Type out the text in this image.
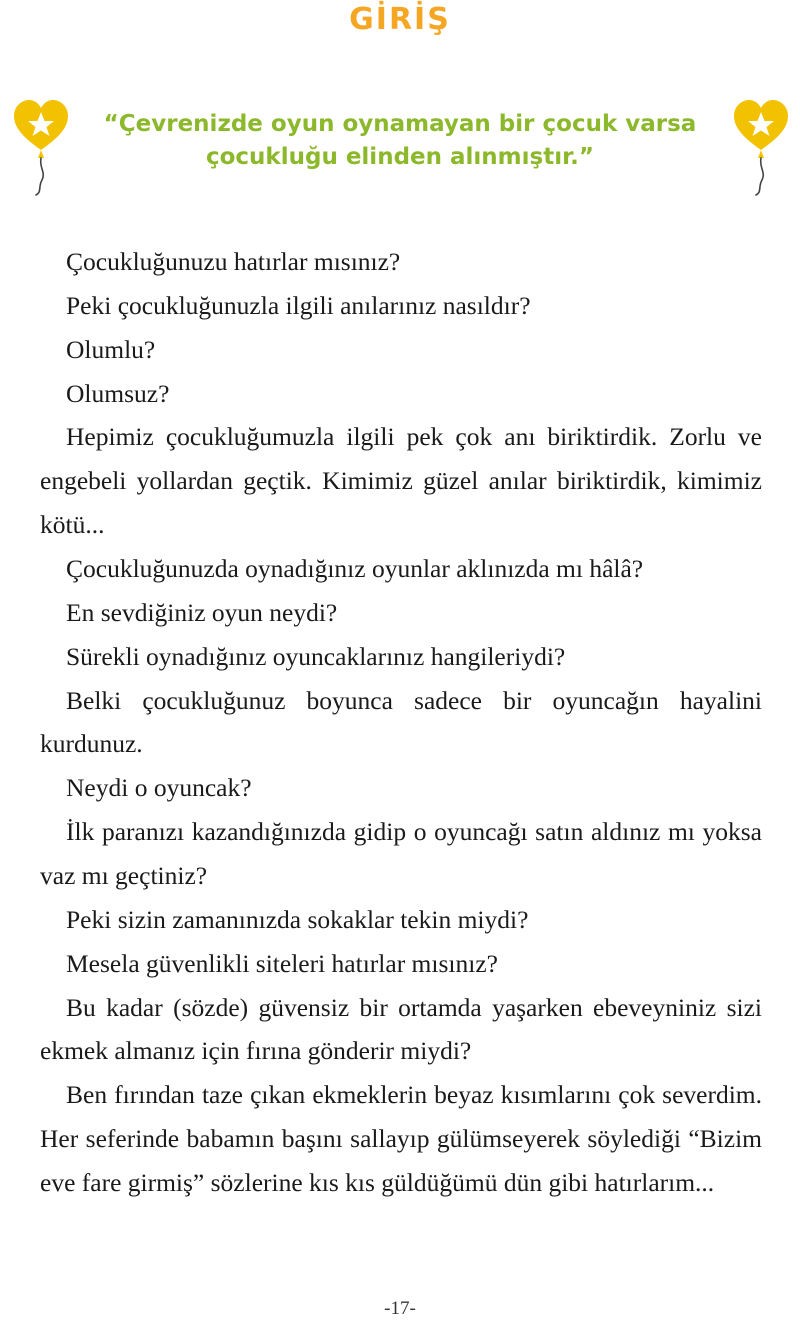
GİRİŞ
“Çevrenizde oyun oynamayan bir çocuk varsa
çocukluğu elinden alınmıştır.”

Çocukluğunuzu hatırlar mısınız?

Peki çocukluğunuzla ilgili anılarınız nasıldır?

Olumlu?

Olumsuz?

Hepimiz çocukluğumuzla ilgili pek çok anı biriktirdik. Zorlu ve engebeli yollardan geçtik. Kimimiz güzel anılar biriktirdik, kimimiz kötü...

Çocukluğunuzda oynadığınız oyunlar aklınızda mı hâlâ?

En sevdiğiniz oyun neydi?

Sürekli oynadığınız oyuncaklarınız hangileriydi?

Belki çocukluğunuz boyunca sadece bir oyuncağın hayalini kurdunuz.

Neydi o oyuncak?

İlk paranızı kazandığınızda gidip o oyuncağı satın aldınız mı yoksa vaz mı geçtiniz?

Peki sizin zamanınızda sokaklar tekin miydi?

Mesela güvenlikli siteleri hatırlar mısınız?

Bu kadar (sözde) güvensiz bir ortamda yaşarken ebeveyniniz sizi ekmek almanız için fırına gönderir miydi?

Ben fırından taze çıkan ekmeklerin beyaz kısımlarını çok severdim. Her seferinde babamın başını sallayıp gülümseyerek söylediği “Bizim eve fare girmiş” sözlerine kıs kıs güldüğümü dün gibi hatırlarım...

-17-
